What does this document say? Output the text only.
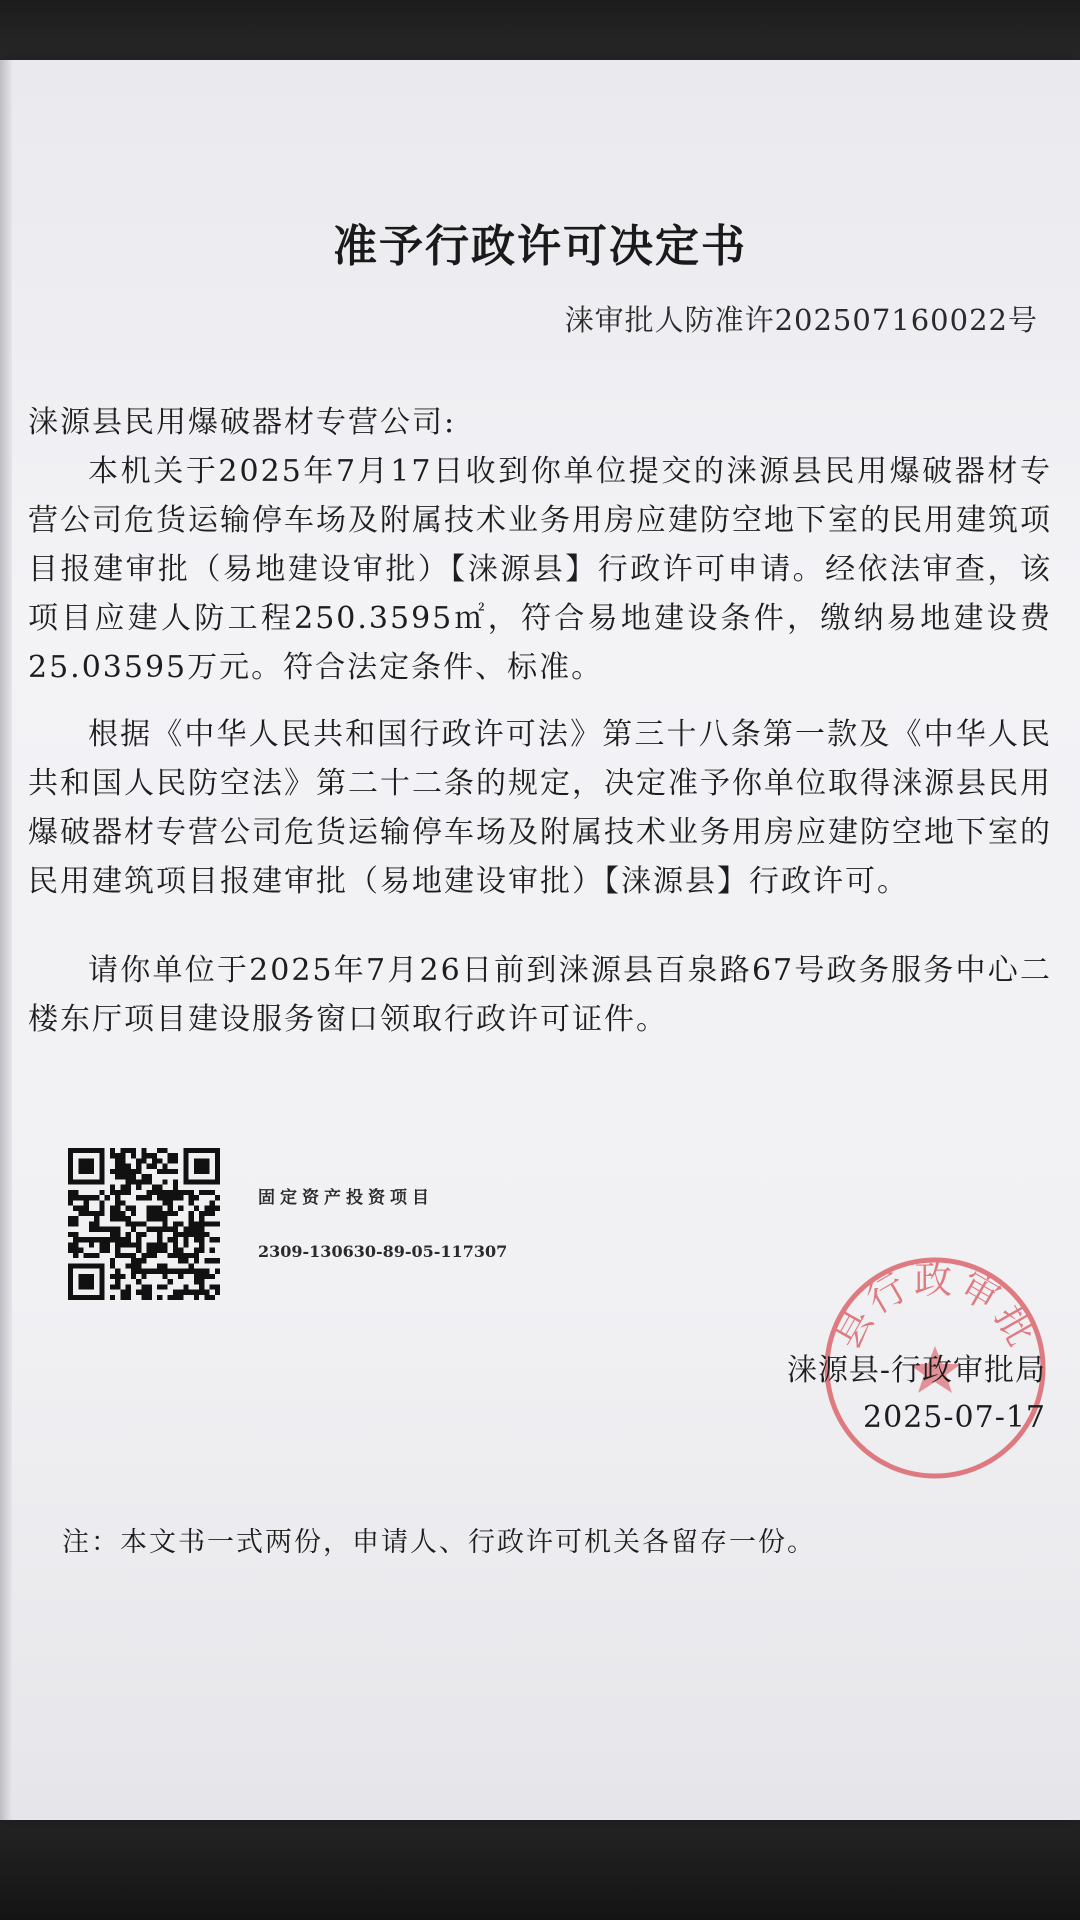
准予行政许可决定书
涞审批人防准许202507160022号

涞源县民用爆破器材专营公司:

本机关于2025年7月17日收到你单位提交的涞源县民用爆破器材专营公司危货运输停车场及附属技术业务用房应建防空地下室的民用建筑项目报建审批（易地建设审批）【涞源县】行政许可申请。经依法审查，该项目应建人防工程250.3595㎡，符合易地建设条件，缴纳易地建设费25.03595万元。符合法定条件、标准。

根据《中华人民共和国行政许可法》第三十八条第一款及《中华人民共和国人民防空法》第二十二条的规定，决定准予你单位取得涞源县民用爆破器材专营公司危货运输停车场及附属技术业务用房应建防空地下室的民用建筑项目报建审批（易地建设审批）【涞源县】行政许可。

请你单位于2025年7月26日前到涞源县百泉路67号政务服务中心二楼东厅项目建设服务窗口领取行政许可证件。

固定资产投资项目
2309-130630-89-05-117307
县行政审批
涞源县-行政审批局
2025-07-17
注：本文书一式两份，申请人、行政许可机关各留存一份。
